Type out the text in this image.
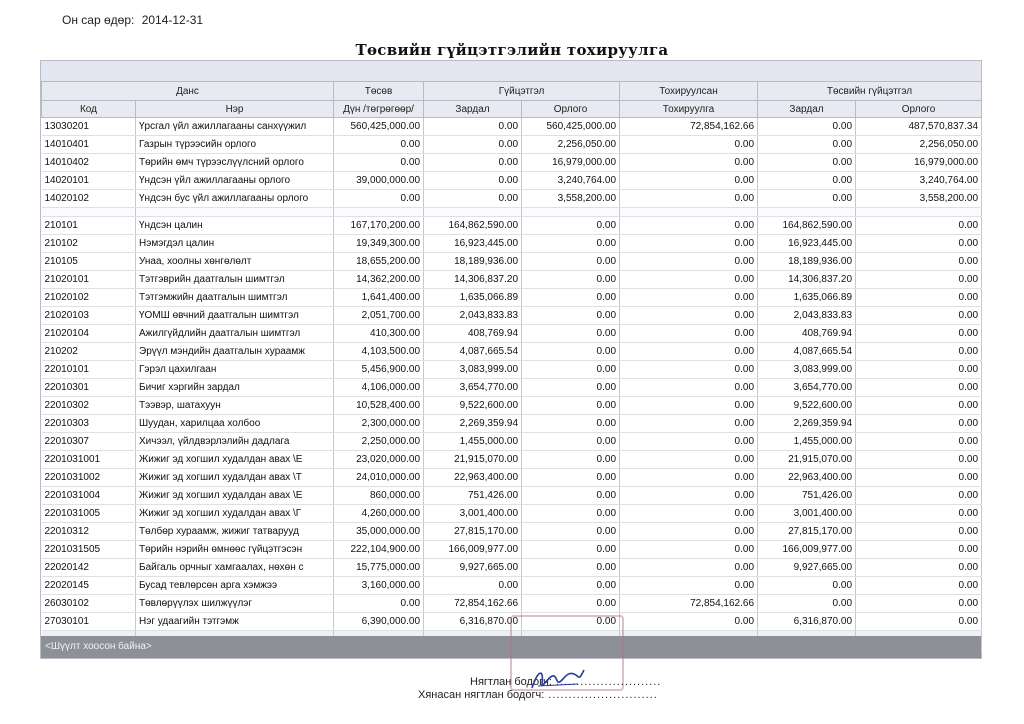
Он сар өдөр: 2014-12-31
Төсвийн гүйцэтгэлийн тохируулга
Данс		Төсөв	Гүйцэтгэл		Тохируулсан	Төсвийн гүйцэтгэл	
Код	Нэр	Дүн /төгрөгөөр/	Зардал	Орлого	Тохируулга	Зардал	Орлого
13030201	Үрсгал үйл ажиллагааны санхүүжил	560,425,000.00	0.00	560,425,000.00	72,854,162.66	0.00	487,570,837.34
14010401	Газрын түрээсийн орлого	0.00	0.00	2,256,050.00	0.00	0.00	2,256,050.00
14010402	Төрийн өмч түрээслүүлсний орлого	0.00	0.00	16,979,000.00	0.00	0.00	16,979,000.00
14020101	Үндсэн үйл ажиллагааны орлого	39,000,000.00	0.00	3,240,764.00	0.00	0.00	3,240,764.00
14020102	Үндсэн бус үйл ажиллагааны орлого	0.00	0.00	3,558,200.00	0.00	0.00	3,558,200.00

210101	Үндсэн цалин	167,170,200.00	164,862,590.00	0.00	0.00	164,862,590.00	0.00
210102	Нэмэгдэл цалин	19,349,300.00	16,923,445.00	0.00	0.00	16,923,445.00	0.00
210105	Унаа, хоолны хөнгөлөлт	18,655,200.00	18,189,936.00	0.00	0.00	18,189,936.00	0.00
21020101	Тэтгэврийн даатгалын шимтгэл	14,362,200.00	14,306,837.20	0.00	0.00	14,306,837.20	0.00
21020102	Тэтгэмжийн даатгалын шимтгэл	1,641,400.00	1,635,066.89	0.00	0.00	1,635,066.89	0.00
21020103	ҮОМШ өвчний даатгалын шимтгэл	2,051,700.00	2,043,833.83	0.00	0.00	2,043,833.83	0.00
21020104	Ажилгүйдлийн даатгалын шимтгэл	410,300.00	408,769.94	0.00	0.00	408,769.94	0.00
210202	Эрүүл мэндийн даатгалын хураамж	4,103,500.00	4,087,665.54	0.00	0.00	4,087,665.54	0.00
22010101	Гэрэл цахилгаан	5,456,900.00	3,083,999.00	0.00	0.00	3,083,999.00	0.00
22010301	Бичиг хэргийн зардал	4,106,000.00	3,654,770.00	0.00	0.00	3,654,770.00	0.00
22010302	Тээвэр, шатахуун	10,528,400.00	9,522,600.00	0.00	0.00	9,522,600.00	0.00
22010303	Шуудан, харилцаа холбоо	2,300,000.00	2,269,359.94	0.00	0.00	2,269,359.94	0.00
22010307	Хичээл, үйлдвэрлэлийн дадлага	2,250,000.00	1,455,000.00	0.00	0.00	1,455,000.00	0.00
2201031001	Жижиг эд хогшил худалдан авах \E	23,020,000.00	21,915,070.00	0.00	0.00	21,915,070.00	0.00
2201031002	Жижиг эд хогшил худалдан авах \T	24,010,000.00	22,963,400.00	0.00	0.00	22,963,400.00	0.00
2201031004	Жижиг эд хогшил худалдан авах \E	860,000.00	751,426.00	0.00	0.00	751,426.00	0.00
2201031005	Жижиг эд хогшил худалдан авах \Г	4,260,000.00	3,001,400.00	0.00	0.00	3,001,400.00	0.00
22010312	Төлбөр хураамж, жижиг татварууд	35,000,000.00	27,815,170.00	0.00	0.00	27,815,170.00	0.00
2201031505	Төрийн нэрийн өмнөөс гүйцэтгэсэн	222,104,900.00	166,009,977.00	0.00	0.00	166,009,977.00	0.00
22020142	Байгаль орчныг хамгаалах, нөхөн с	15,775,000.00	9,927,665.00	0.00	0.00	9,927,665.00	0.00
22020145	Бусад тевлөрсөн арга хэмжээ	3,160,000.00	0.00	0.00	0.00	0.00	0.00
26030102	Төвлөрүүлэх шилжүүлэг	0.00	72,854,162.66	0.00	72,854,162.66	0.00	0.00
27030101	Нэг удаагийн тэтгэмж	6,390,000.00	6,316,870.00	0.00	0.00	6,316,870.00	0.00

<Шүүлт хоосон байна>
Нягтлан бодогч: ..........................
Хянасан нягтлан бодогч: ...........................
